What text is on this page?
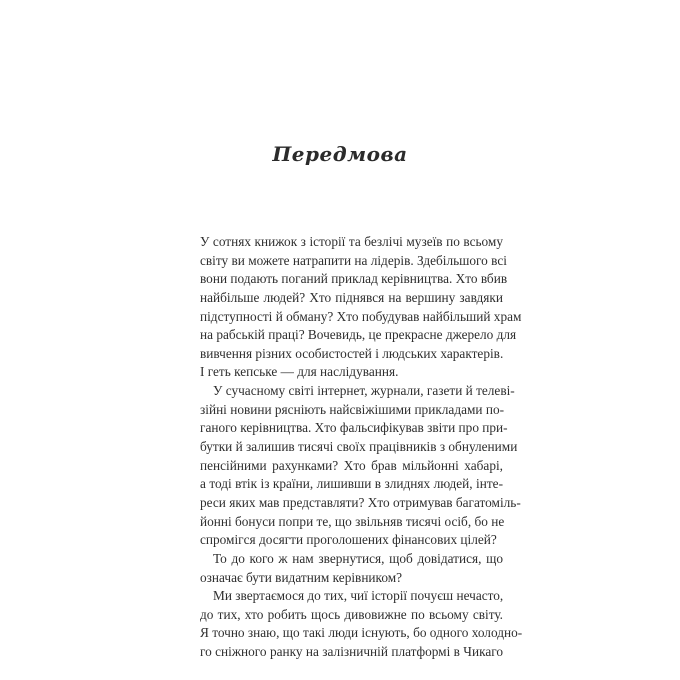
Передмова
У сотнях книжок з історії та безлічі музеїв по всьому
світу ви можете натрапити на лідерів. Здебільшого всі
вони подають поганий приклад керівництва. Хто вбив
найбільше людей? Хто піднявся на вершину завдяки
підступності й обману? Хто побудував найбільший храм
на рабській праці? Вочевидь, це прекрасне джерело для
вивчення різних особистостей і людських характерів.
І геть кепське — для наслідування.
У сучасному світі інтернет, журнали, газети й телеві-
зійні новини рясніють найсвіжішими прикладами по-
ганого керівництва. Хто фальсифікував звіти про при-
бутки й залишив тисячі своїх працівників з обнуленими
пенсійними рахунками? Хто брав мільйонні хабарі,
а тоді втік із країни, лишивши в злиднях людей, інте-
реси яких мав представляти? Хто отримував багатоміль-
йонні бонуси попри те, що звільняв тисячі осіб, бо не
спромігся досягти проголошених фінансових цілей?
То до кого ж нам звернутися, щоб довідатися, що
означає бути видатним керівником?
Ми звертаємося до тих, чиї історії почуєш нечасто,
до тих, хто робить щось дивовижне по всьому світу.
Я точно знаю, що такі люди існують, бо одного холодно-
го сніжного ранку на залізничній платформі в Чикаго
